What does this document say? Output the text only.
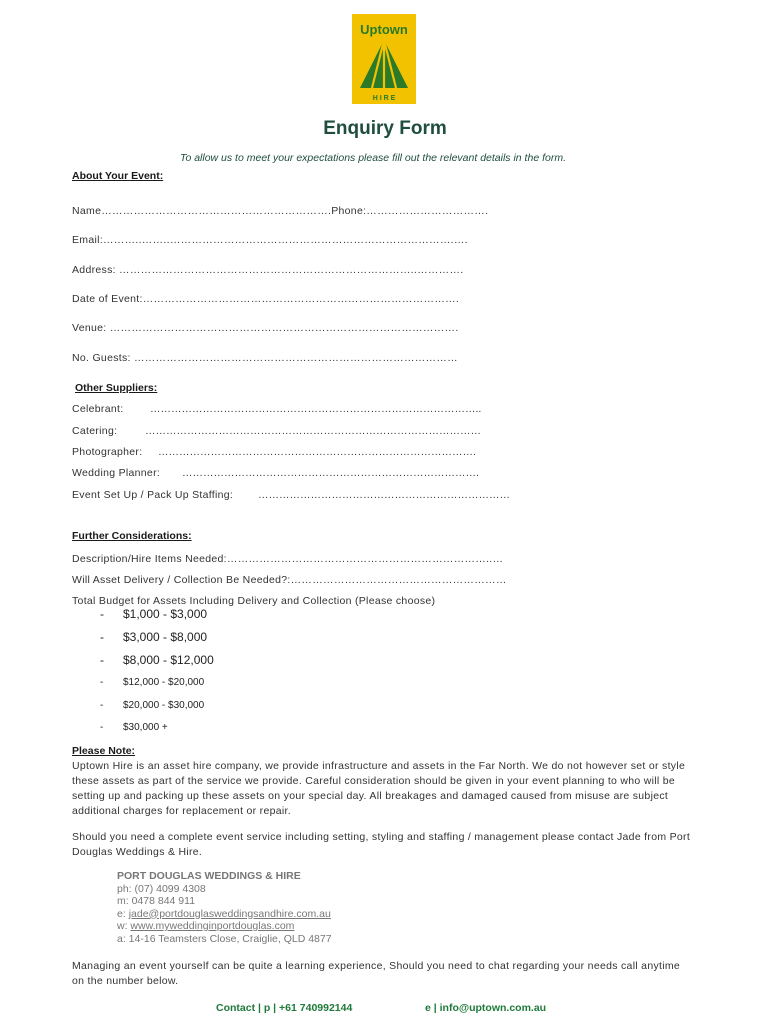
Uptown
H I R E
Enquiry Form
To allow us to meet your expectations please fill out the relevant details in the form.
About Your Event:
Name……………………………………………………….Phone:…………………………….
Email:………..……..…………………………………………………………………….….
Address: ………………………………………………………………………..………….
Date of Event:…………………………………………………………………………….
Venue: …………………………………………………………………………………….
No. Guests: ………………………………………………………………………………
Other Suppliers:
Celebrant:	…………………………………………………………………………………..
Catering:	……………………………………………………………………………………
Photographer: ……………………………………………………………………………….
Wedding Planner: ………………………………………………………………………….
Event Set Up / Pack Up Staffing: ………………………………………………………………
Further Considerations:
Description/Hire Items Needed:………………………………………………………………..…
Will Asset Delivery / Collection Be Needed?:……………………………………………………
Total Budget for Assets Including Delivery and Collection (Please choose)
- $1,000 - $3,000
- $3,000 - $8,000
- $8,000 - $12,000
- $12,000 - $20,000
- $20,000 - $30,000
- $30,000 +
Please Note:
Uptown Hire is an asset hire company, we provide infrastructure and assets in the Far North. We do not however set or style these assets as part of the service we provide. Careful consideration should be given in your event planning to who will be setting up and packing up these assets on your special day. All breakages and damaged caused from misuse are subject additional charges for replacement or repair.
Should you need a complete event service including setting, styling and staffing / management please contact Jade from Port Douglas Weddings & Hire.
PORT DOUGLAS WEDDINGS & HIRE
ph: (07) 4099 4308
m: 0478 844 911
e: jade@portdouglasweddingsandhire.com.au
w: www.myweddinginportdouglas.com
a: 14-16 Teamsters Close, Craiglie, QLD 4877
Managing an event yourself can be quite a learning experience, Should you need to chat regarding your needs call anytime on the number below.
Contact | p | +61 740992144	e | info@uptown.com.au
